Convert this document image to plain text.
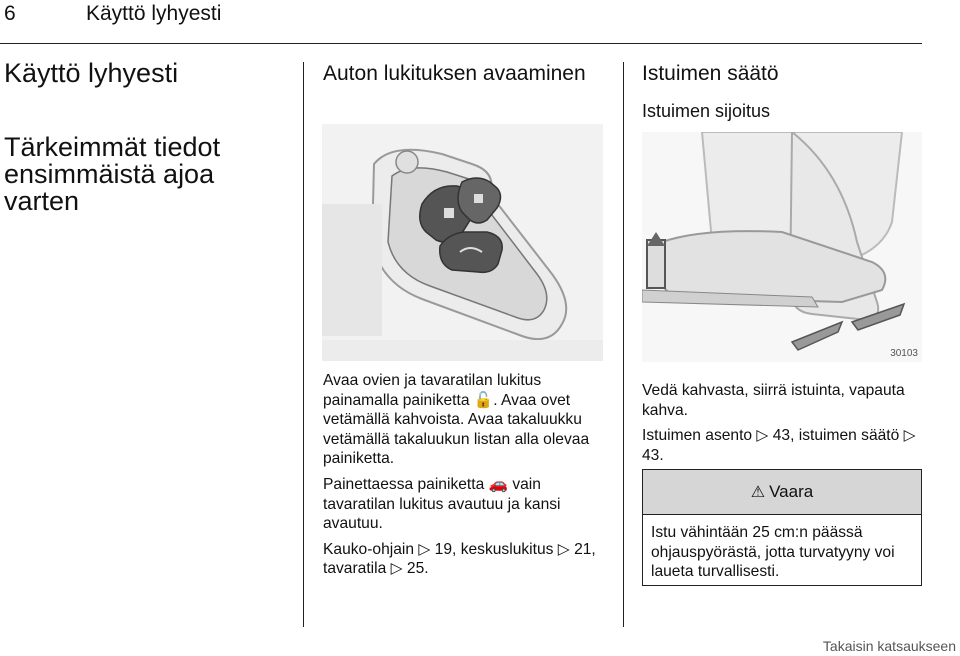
6	Käyttö lyhyesti
Käyttö lyhyesti
Tärkeimmät tiedot ensimmäistä ajoa varten
Auton lukituksen avaaminen

Avaa ovien ja tavaratilan lukitus painamalla painiketta 🔓. Avaa ovet vetämällä kahvoista. Avaa takaluukku vetämällä takaluukun listan alla olevaa painiketta.

Painettaessa painiketta 🚗 vain tavaratilan lukitus avautuu ja kansi avautuu.

Kauko-ohjain ▷ 19, keskuslukitus ▷ 21, tavaratila ▷ 25.

Istuimen säätö
Istuimen sijoitus
30103

Vedä kahvasta, siirrä istuinta, vapauta kahva.

Istuimen asento ▷ 43, istuimen säätö ▷ 43.

⚠ Vaara
Istu vähintään 25 cm:n päässä ohjauspyörästä, jotta turvatyyny voi laueta turvallisesti.
Takaisin katsaukseen
